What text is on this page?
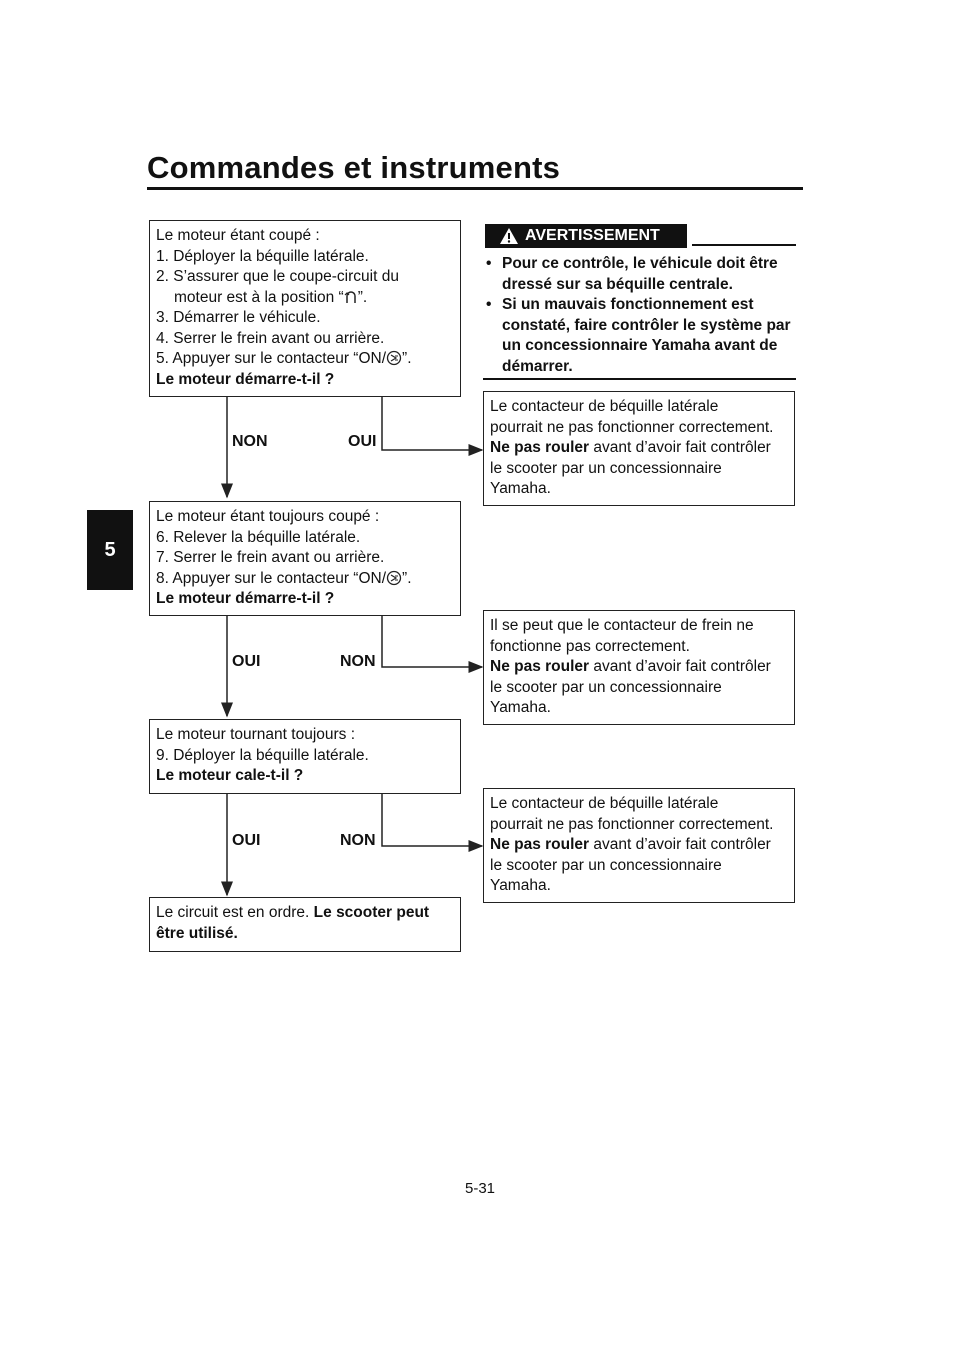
Commandes et instruments
5
Le moteur étant coupé :
1. Déployer la béquille latérale.
2. S’assurer que le coupe-circuit du
moteur est à la position “ ”.
3. Démarrer le véhicule.
4. Serrer le frein avant ou arrière.
5. Appuyer sur le contacteur “ON/ ”.
Le moteur démarre-t-il ?
NON	OUI
AVERTISSEMENT
• Pour ce contrôle, le véhicule doit être dressé sur sa béquille centrale.
• Si un mauvais fonctionnement est constaté, faire contrôler le système par un concessionnaire Yamaha avant de démarrer.
Le contacteur de béquille latérale
pourrait ne pas fonctionner correctement.
Ne pas rouler avant d’avoir fait contrôler
le scooter par un concessionnaire
Yamaha.
Le moteur étant toujours coupé :
6. Relever la béquille latérale.
7. Serrer le frein avant ou arrière.
8. Appuyer sur le contacteur “ON/ ”.
Le moteur démarre-t-il ?
OUI	NON
Il se peut que le contacteur de frein ne
fonctionne pas correctement.
Ne pas rouler avant d’avoir fait contrôler
le scooter par un concessionnaire
Yamaha.
Le moteur tournant toujours :
9. Déployer la béquille latérale.
Le moteur cale-t-il ?
OUI	NON
Le contacteur de béquille latérale
pourrait ne pas fonctionner correctement.
Ne pas rouler avant d’avoir fait contrôler
le scooter par un concessionnaire
Yamaha.
Le circuit est en ordre. Le scooter peut
être utilisé.
5-31
